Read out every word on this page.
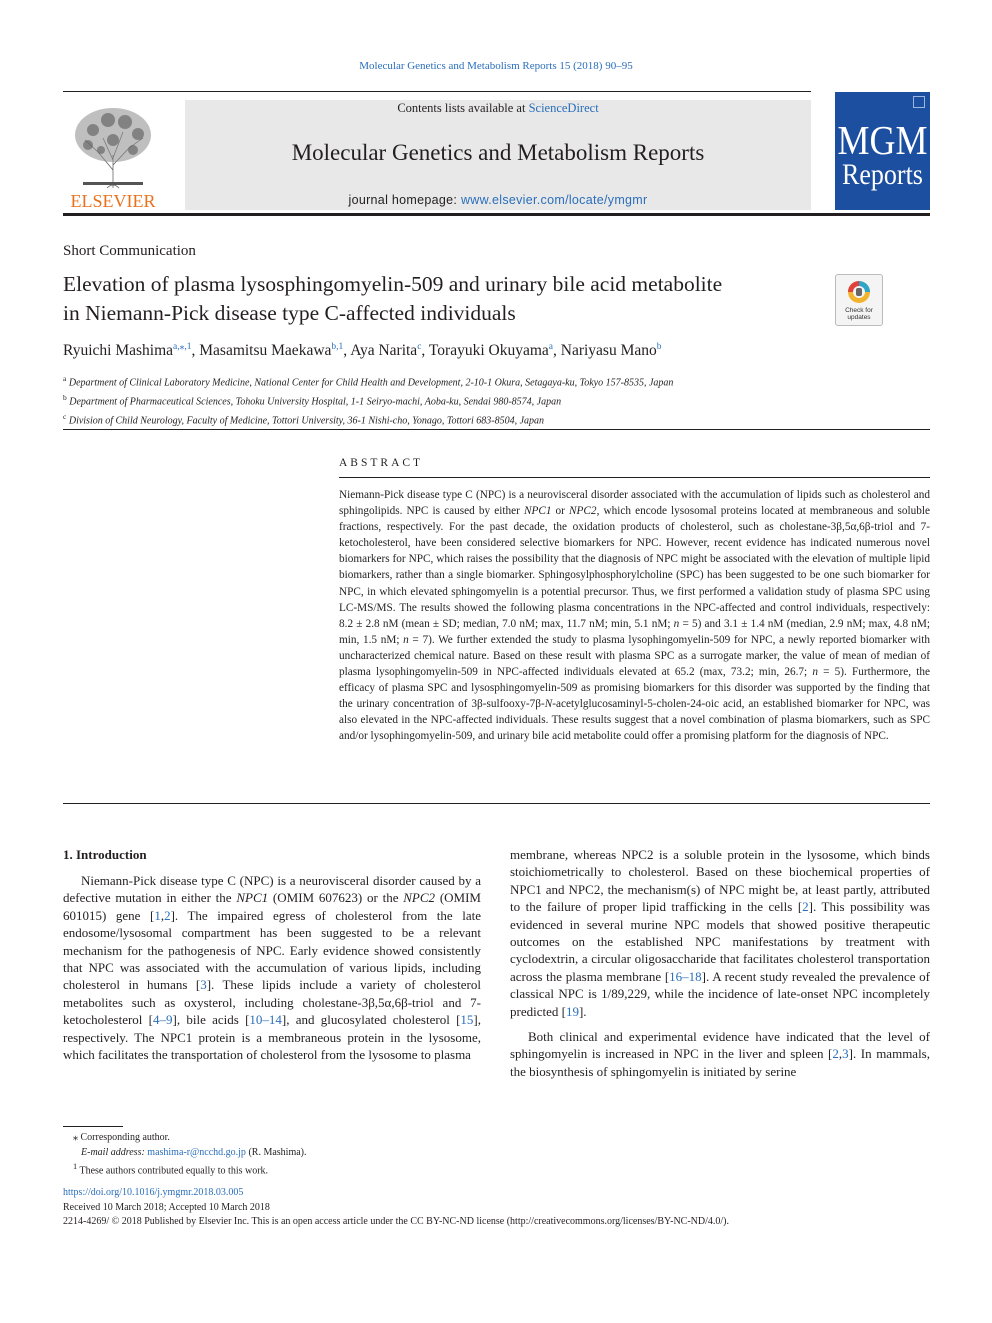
Molecular Genetics and Metabolism Reports 15 (2018) 90–95
ELSEVIER
Contents lists available at ScienceDirect
Molecular Genetics and Metabolism Reports
journal homepage: www.elsevier.com/locate/ymgmr
MGM
Reports
Short Communication
Elevation of plasma lysosphingomyelin-509 and urinary bile acid metabolite
in Niemann-Pick disease type C-affected individuals	Check for
updates
Ryuichi Mashima$^{a,⁎,1}$, Masamitsu Maekawa$^{b,1}$, Aya Narita$^c$, Torayuki Okuyama$^a$, Nariyasu Mano$^b$
$^a$ Department of Clinical Laboratory Medicine, National Center for Child Health and Development, 2-10-1 Okura, Setagaya-ku, Tokyo 157-8535, Japan
$^b$ Department of Pharmaceutical Sciences, Tohoku University Hospital, 1-1 Seiryo-machi, Aoba-ku, Sendai 980-8574, Japan
$^c$ Division of Child Neurology, Faculty of Medicine, Tottori University, 36-1 Nishi-cho, Yonago, Tottori 683-8504, Japan
ABSTRACT
Niemann-Pick disease type C (NPC) is a neurovisceral disorder associated with the accumulation of lipids such as cholesterol and sphingolipids. NPC is caused by either NPC1 or NPC2, which encode lysosomal proteins located at membraneous and soluble fractions, respectively. For the past decade, the oxidation products of cholesterol, such as cholestane-3β,5α,6β-triol and 7-ketocholesterol, have been considered selective biomarkers for NPC. However, recent evidence has indicated numerous novel biomarkers for NPC, which raises the possibility that the diagnosis of NPC might be associated with the elevation of multiple lipid biomarkers, rather than a single biomarker. Sphingosylphosphorylcholine (SPC) has been suggested to be one such biomarker for NPC, in which elevated sphingomyelin is a potential precursor. Thus, we first performed a validation study of plasma SPC using LC-MS/MS. The results showed the following plasma concentrations in the NPC-affected and control individuals, respectively: 8.2 ± 2.8 nM (mean ± SD; median, 7.0 nM; max, 11.7 nM; min, 5.1 nM; n = 5) and 3.1 ± 1.4 nM (median, 2.9 nM; max, 4.8 nM; min, 1.5 nM; n = 7). We further extended the study to plasma lysophingomyelin-509 for NPC, a newly reported biomarker with uncharacterized chemical nature. Based on these result with plasma SPC as a surrogate marker, the value of mean of median of plasma lysophingomyelin-509 in NPC-affected individuals elevated at 65.2 (max, 73.2; min, 26.7; n = 5). Furthermore, the efficacy of plasma SPC and lysosphingomyelin-509 as promising biomarkers for this disorder was supported by the finding that the urinary concentration of 3β-sulfooxy-7β-N-acetylglucosaminyl-5-cholen-24-oic acid, an established biomarker for NPC, was also elevated in the NPC-affected individuals. These results suggest that a novel combination of plasma biomarkers, such as SPC and/or lysophingomyelin-509, and urinary bile acid metabolite could offer a promising platform for the diagnosis of NPC.
1. Introduction

Niemann-Pick disease type C (NPC) is a neurovisceral disorder caused by a defective mutation in either the NPC1 (OMIM 607623) or the NPC2 (OMIM 601015) gene [1,2]. The impaired egress of cholesterol from the late endosome/lysosomal compartment has been suggested to be a relevant mechanism for the pathogenesis of NPC. Early evidence showed consistently that NPC was associated with the accumulation of various lipids, including cholesterol in humans [3]. These lipids include a variety of cholesterol metabolites such as oxysterol, including cholestane-3β,5α,6β-triol and 7-ketocholesterol [4–9], bile acids [10–14], and glucosylated cholesterol [15], respectively. The NPC1 protein is a membraneous protein in the lysosome, which facilitates the transportation of cholesterol from the lysosome to plasma

membrane, whereas NPC2 is a soluble protein in the lysosome, which binds stoichiometrically to cholesterol. Based on these biochemical properties of NPC1 and NPC2, the mechanism(s) of NPC might be, at least partly, attributed to the failure of proper lipid trafficking in the cells [2]. This possibility was evidenced in several murine NPC models that showed positive therapeutic outcomes on the established NPC manifestations by treatment with cyclodextrin, a circular oligosaccharide that facilitates cholesterol transportation across the plasma membrane [16–18]. A recent study revealed the prevalence of classical NPC is 1/89,229, while the incidence of late-onset NPC incompletely predicted [19].

Both clinical and experimental evidence have indicated that the level of sphingomyelin is increased in NPC in the liver and spleen [2,3]. In mammals, the biosynthesis of sphingomyelin is initiated by serine

⁎ Corresponding author.
E-mail address: mashima-r@ncchd.go.jp (R. Mashima).
$^1$ These authors contributed equally to this work.
https://doi.org/10.1016/j.ymgmr.2018.03.005
Received 10 March 2018; Accepted 10 March 2018
2214-4269/ © 2018 Published by Elsevier Inc. This is an open access article under the CC BY-NC-ND license (http://creativecommons.org/licenses/BY-NC-ND/4.0/).
